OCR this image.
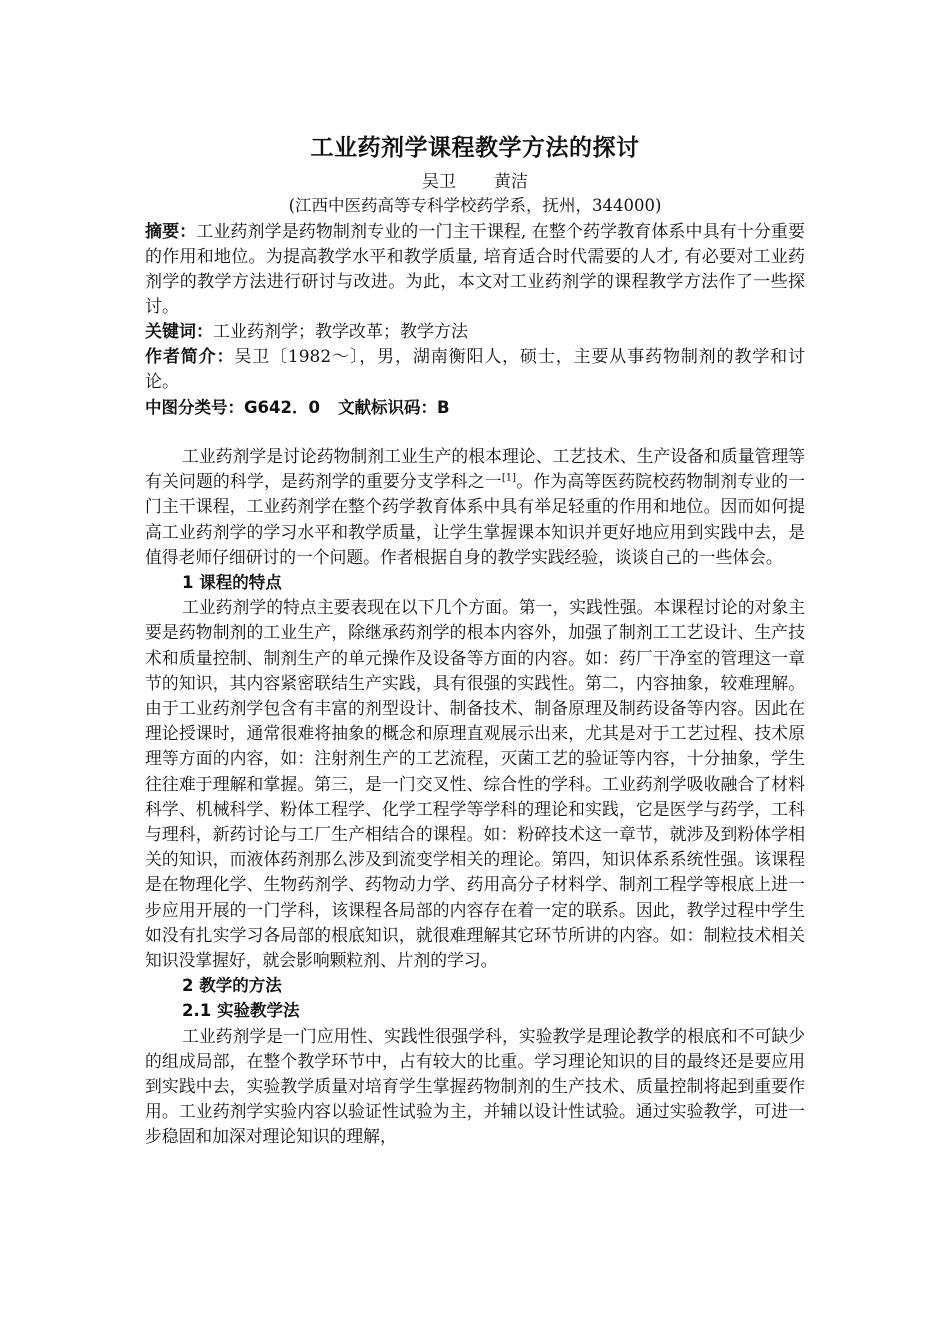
工业药剂学课程教学方法的探讨

吴卫 黄洁

(江西中医药高等专科学校药学系，抚州，344000)

摘要：工业药剂学是药物制剂专业的一门主干课程, 在整个药学教育体系中具有十分重要的作用和地位。为提高教学水平和教学质量, 培育适合时代需要的人才, 有必要对工业药剂学的教学方法进行研讨与改进。为此，本文对工业药剂学的课程教学方法作了一些探讨。

关键词：工业药剂学；教学改革；教学方法

作者简介：吴卫〔1982～〕，男，湖南衡阳人，硕士，主要从事药物制剂的教学和讨论。

中图分类号：G642．0 文献标识码：B

工业药剂学是讨论药物制剂工业生产的根本理论、工艺技术、生产设备和质量管理等有关问题的科学，是药剂学的重要分支学科之一[1]。作为高等医药院校药物制剂专业的一门主干课程，工业药剂学在整个药学教育体系中具有举足轻重的作用和地位。因而如何提高工业药剂学的学习水平和教学质量，让学生掌握课本知识并更好地应用到实践中去，是值得老师仔细研讨的一个问题。作者根据自身的教学实践经验，谈谈自己的一些体会。

1 课程的特点

工业药剂学的特点主要表现在以下几个方面。第一，实践性强。本课程讨论的对象主要是药物制剂的工业生产，除继承药剂学的根本内容外，加强了制剂工工艺设计、生产技术和质量控制、制剂生产的单元操作及设备等方面的内容。如：药厂干净室的管理这一章节的知识，其内容紧密联结生产实践，具有很强的实践性。第二，内容抽象，较难理解。由于工业药剂学包含有丰富的剂型设计、制备技术、制备原理及制药设备等内容。因此在理论授课时，通常很难将抽象的概念和原理直观展示出来，尤其是对于工艺过程、技术原理等方面的内容，如：注射剂生产的工艺流程，灭菌工艺的验证等内容，十分抽象，学生往往难于理解和掌握。第三，是一门交叉性、综合性的学科。工业药剂学吸收融合了材料科学、机械科学、粉体工程学、化学工程学等学科的理论和实践，它是医学与药学，工科与理科，新药讨论与工厂生产相结合的课程。如：粉碎技术这一章节，就涉及到粉体学相关的知识，而液体药剂那么涉及到流变学相关的理论。第四，知识体系系统性强。该课程是在物理化学、生物药剂学、药物动力学、药用高分子材料学、制剂工程学等根底上进一步应用开展的一门学科，该课程各局部的内容存在着一定的联系。因此，教学过程中学生如没有扎实学习各局部的根底知识，就很难理解其它环节所讲的内容。如：制粒技术相关知识没掌握好，就会影响颗粒剂、片剂的学习。

2 教学的方法

2.1 实验教学法

工业药剂学是一门应用性、实践性很强学科，实验教学是理论教学的根底和不可缺少的组成局部，在整个教学环节中，占有较大的比重。学习理论知识的目的最终还是要应用到实践中去，实验教学质量对培育学生掌握药物制剂的生产技术、质量控制将起到重要作用。工业药剂学实验内容以验证性试验为主，并辅以设计性试验。通过实验教学，可进一步稳固和加深对理论知识的理解，
